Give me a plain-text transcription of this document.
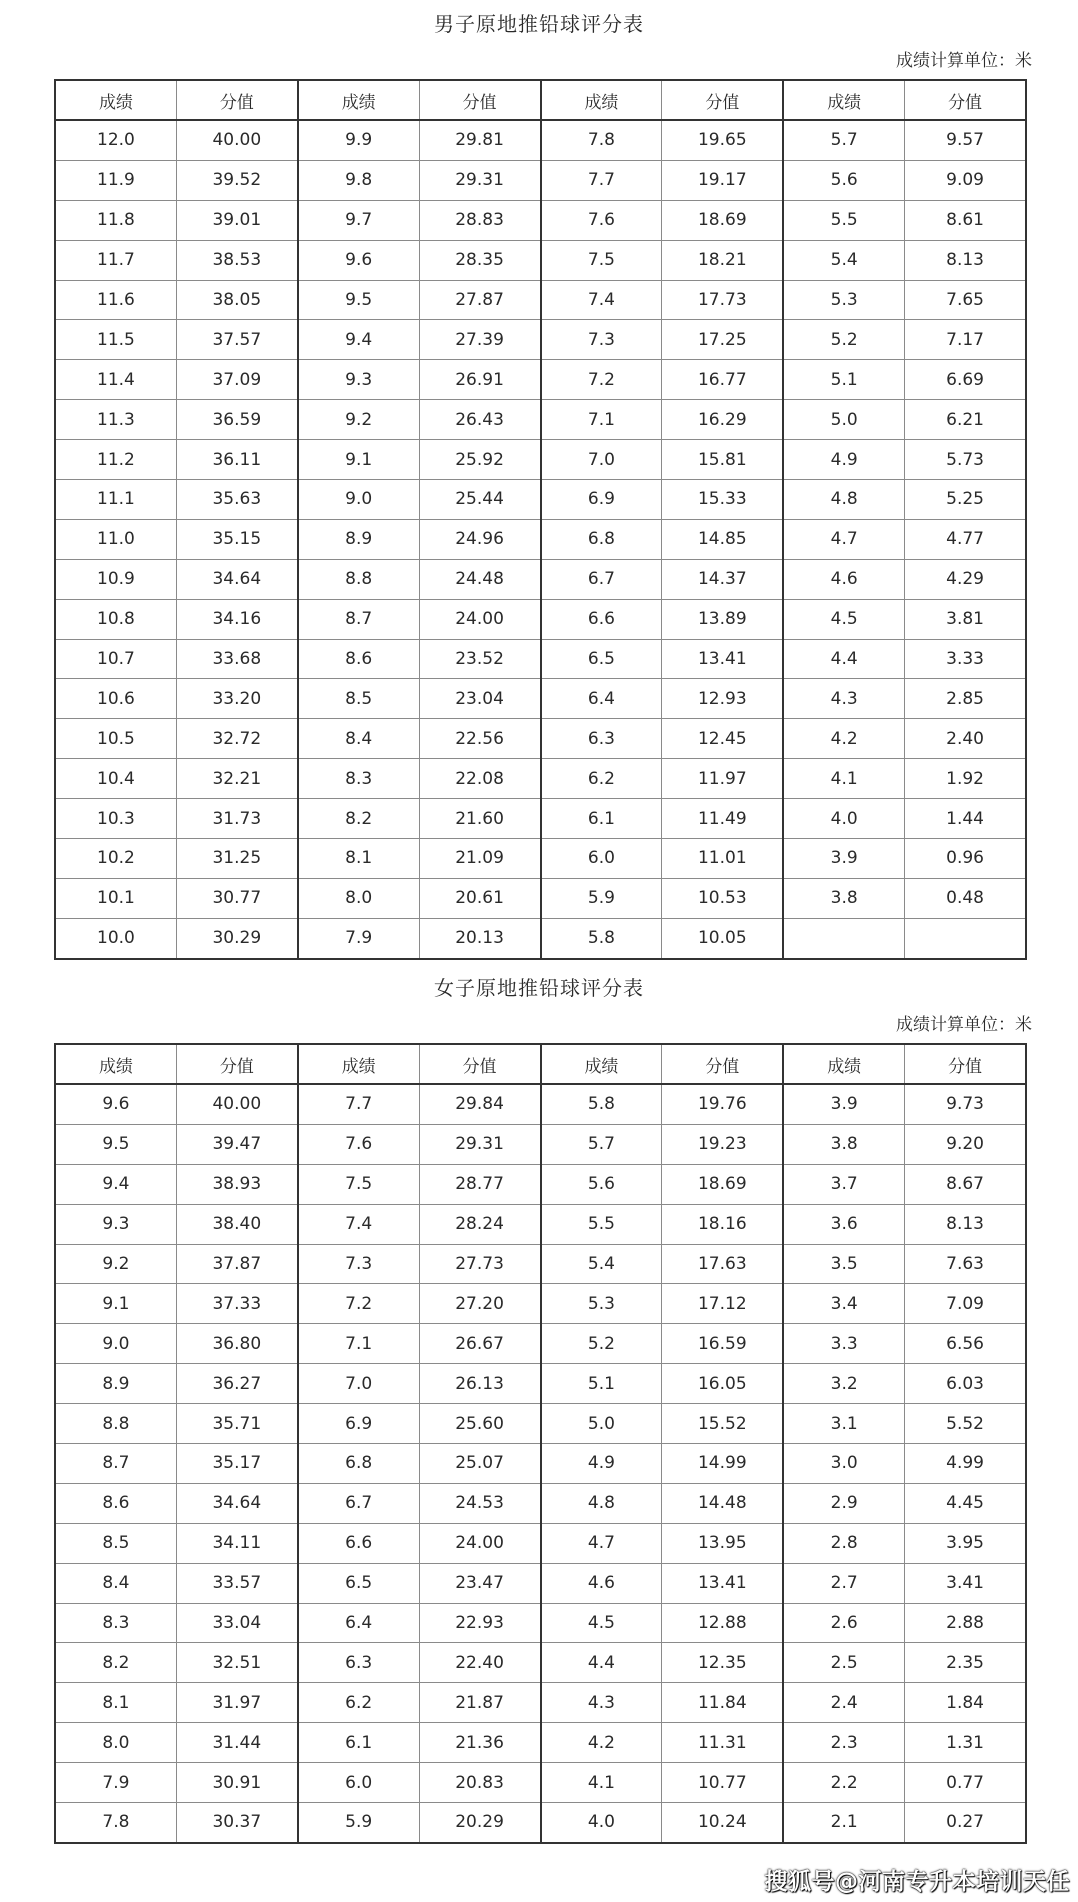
男子原地推铅球评分表
成绩计算单位：米
成绩	分值	成绩	分值	成绩	分值	成绩	分值
12.0	40.00	9.9	29.81	7.8	19.65	5.7	9.57
11.9	39.52	9.8	29.31	7.7	19.17	5.6	9.09
11.8	39.01	9.7	28.83	7.6	18.69	5.5	8.61
11.7	38.53	9.6	28.35	7.5	18.21	5.4	8.13
11.6	38.05	9.5	27.87	7.4	17.73	5.3	7.65
11.5	37.57	9.4	27.39	7.3	17.25	5.2	7.17
11.4	37.09	9.3	26.91	7.2	16.77	5.1	6.69
11.3	36.59	9.2	26.43	7.1	16.29	5.0	6.21
11.2	36.11	9.1	25.92	7.0	15.81	4.9	5.73
11.1	35.63	9.0	25.44	6.9	15.33	4.8	5.25
11.0	35.15	8.9	24.96	6.8	14.85	4.7	4.77
10.9	34.64	8.8	24.48	6.7	14.37	4.6	4.29
10.8	34.16	8.7	24.00	6.6	13.89	4.5	3.81
10.7	33.68	8.6	23.52	6.5	13.41	4.4	3.33
10.6	33.20	8.5	23.04	6.4	12.93	4.3	2.85
10.5	32.72	8.4	22.56	6.3	12.45	4.2	2.40
10.4	32.21	8.3	22.08	6.2	11.97	4.1	1.92
10.3	31.73	8.2	21.60	6.1	11.49	4.0	1.44
10.2	31.25	8.1	21.09	6.0	11.01	3.9	0.96
10.1	30.77	8.0	20.61	5.9	10.53	3.8	0.48
10.0	30.29	7.9	20.13	5.8	10.05		
女子原地推铅球评分表
成绩计算单位：米
成绩	分值	成绩	分值	成绩	分值	成绩	分值
9.6	40.00	7.7	29.84	5.8	19.76	3.9	9.73
9.5	39.47	7.6	29.31	5.7	19.23	3.8	9.20
9.4	38.93	7.5	28.77	5.6	18.69	3.7	8.67
9.3	38.40	7.4	28.24	5.5	18.16	3.6	8.13
9.2	37.87	7.3	27.73	5.4	17.63	3.5	7.63
9.1	37.33	7.2	27.20	5.3	17.12	3.4	7.09
9.0	36.80	7.1	26.67	5.2	16.59	3.3	6.56
8.9	36.27	7.0	26.13	5.1	16.05	3.2	6.03
8.8	35.71	6.9	25.60	5.0	15.52	3.1	5.52
8.7	35.17	6.8	25.07	4.9	14.99	3.0	4.99
8.6	34.64	6.7	24.53	4.8	14.48	2.9	4.45
8.5	34.11	6.6	24.00	4.7	13.95	2.8	3.95
8.4	33.57	6.5	23.47	4.6	13.41	2.7	3.41
8.3	33.04	6.4	22.93	4.5	12.88	2.6	2.88
8.2	32.51	6.3	22.40	4.4	12.35	2.5	2.35
8.1	31.97	6.2	21.87	4.3	11.84	2.4	1.84
8.0	31.44	6.1	21.36	4.2	11.31	2.3	1.31
7.9	30.91	6.0	20.83	4.1	10.77	2.2	0.77
7.8	30.37	5.9	20.29	4.0	10.24	2.1	0.27
搜狐号@河南专升本培训天任
